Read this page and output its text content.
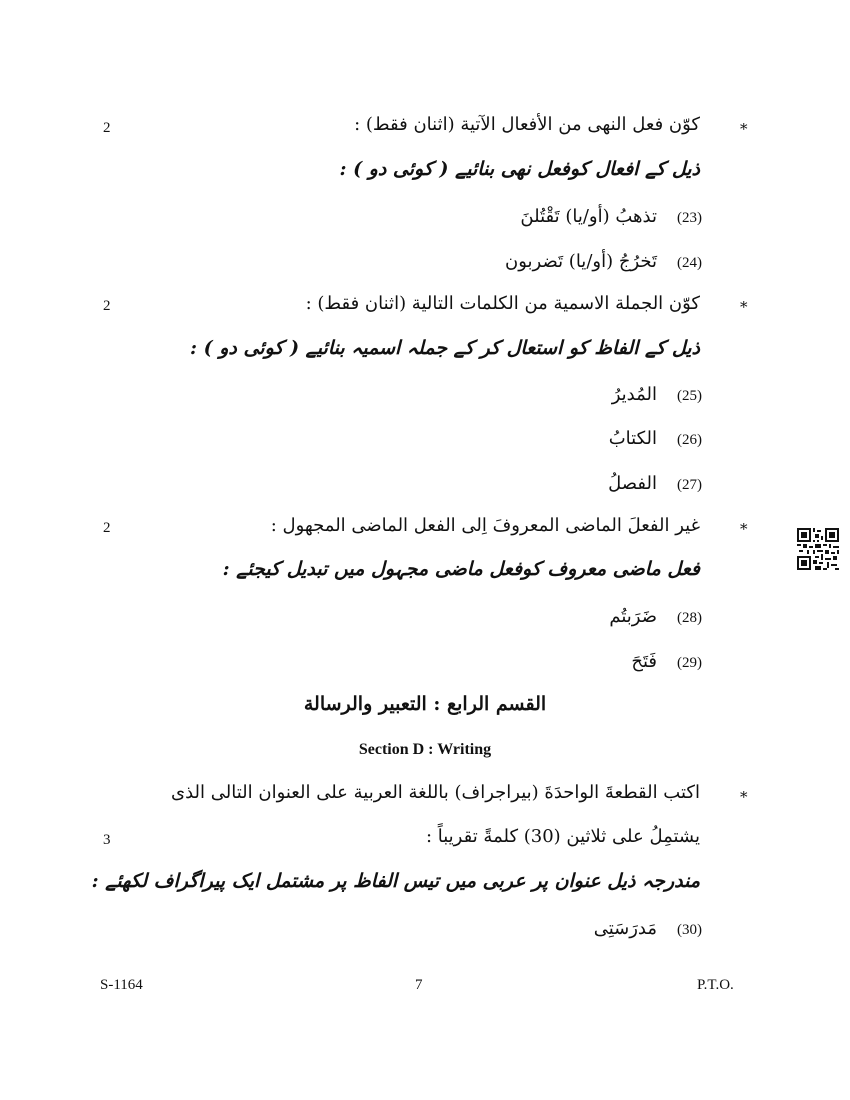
*
2	كوّن فعل النهى من الأفعال الآتية (اثنان فقط) :
ذیل کے افعال کوفعل نھی بنائیے ( کوئی دو ) :
(23)تذهبُ (أو/يا) تَقْتُلنَ
(24)تَخرُجُ (أو/يا) تَضربون
*
2	كوّن الجملة الاسمية من الكلمات التالية (اثنان فقط) :
ذیل کے الفاظ کو استعال کر کے جملہ اسمیہ بنائیے ( کوئی دو ) :
(25)المُديرُ
(26)الكتابُ
(27)الفصلُ
*
2	غير الفعلَ الماضى المعروفَ اِلى الفعل الماضى المجهول :
فعل ماضی معروف کوفعل ماضی مجہول میں تبدیل کیجئے :
(28)ضَرَبتُم
(29)فَتَحَ
القسم الرابع : التعبير والرسالة
Section D : Writing
*
اكتب القطعةَ الواحدَةَ (بيراجراف) باللغة العربية على العنوان التالى الذى
3	يشتمِلُ على ثلاثين (30) كلمةً تقريباً :
مندرجہ ذیل عنوان پر عربی میں تیس الفاظ پر مشتمل ایک پیراگراف لکھئے :
(30)مَدرَسَتِى
S-1164	7	P.T.O.
